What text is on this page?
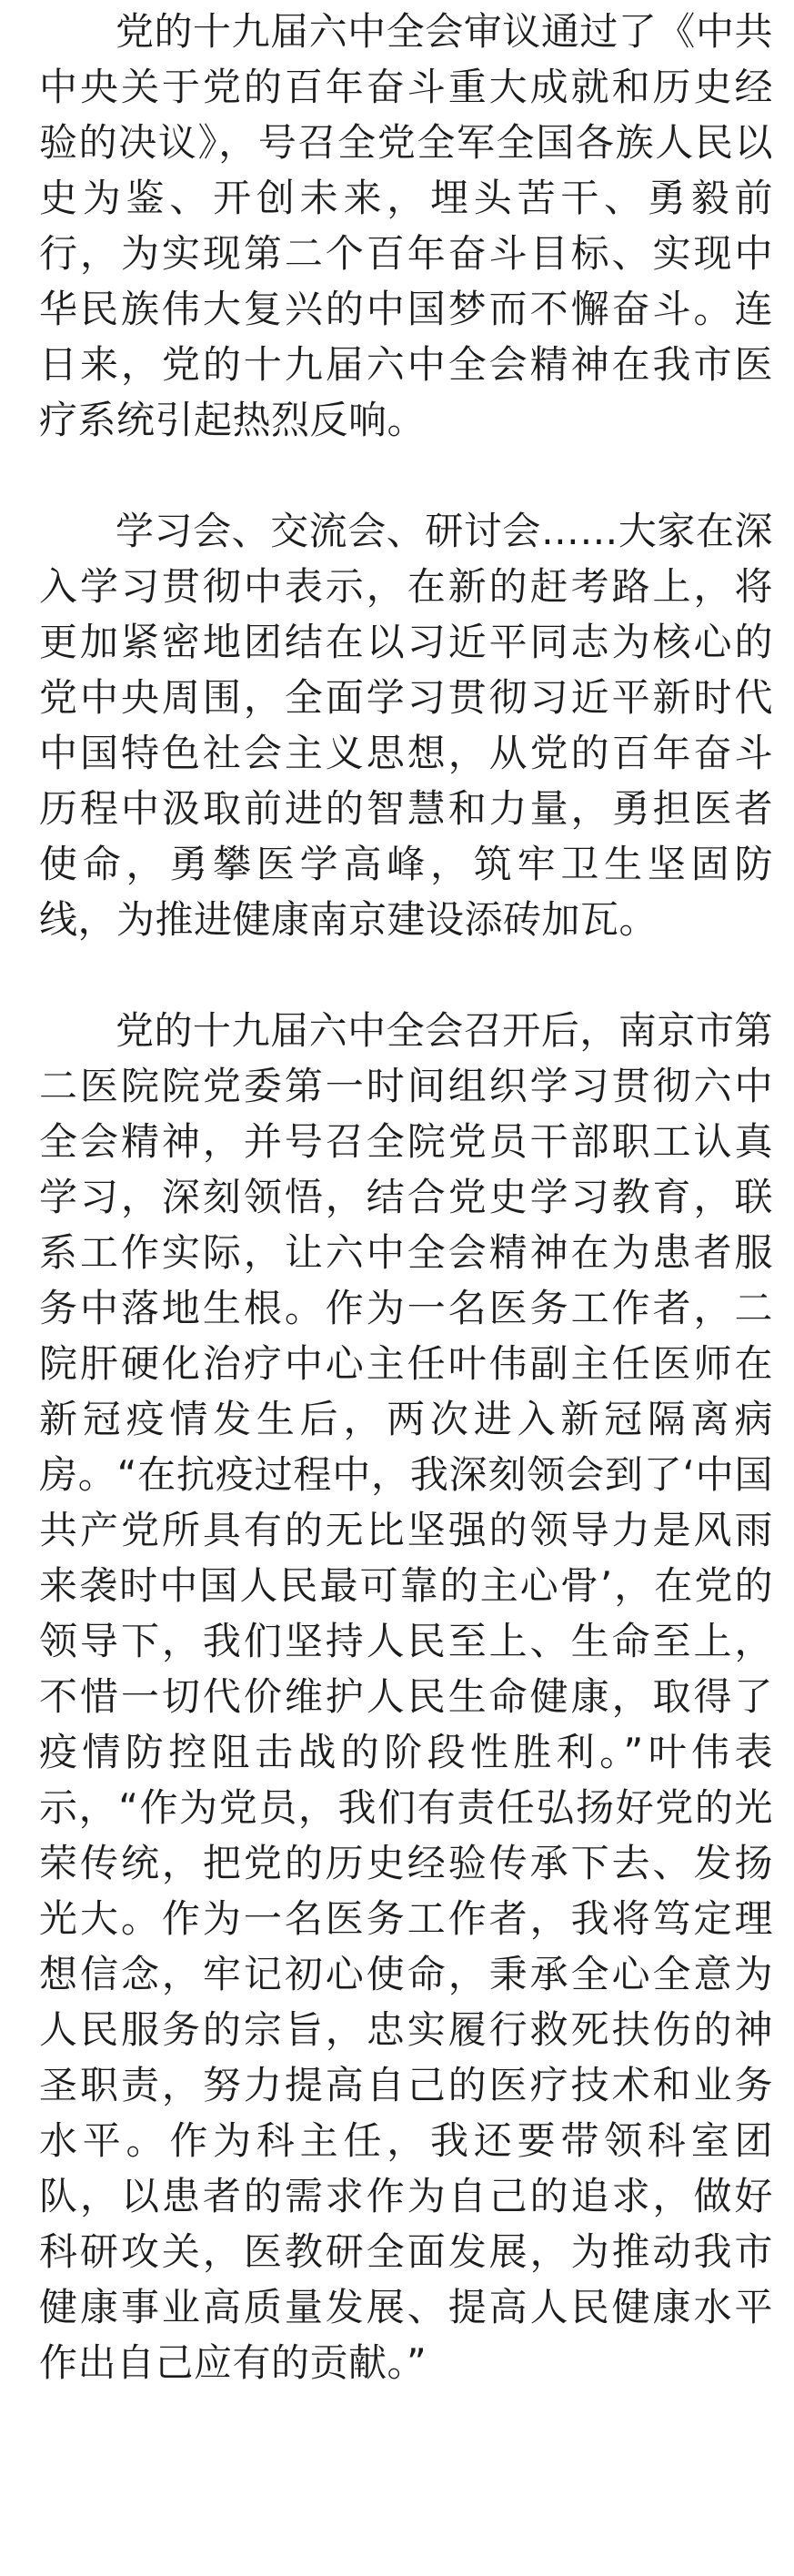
党的十九届六中全会审议通过了《中共中央关于党的百年奋斗重大成就和历史经验的决议》，号召全党全军全国各族人民以史为鉴、开创未来，埋头苦干、勇毅前行，为实现第二个百年奋斗目标、实现中华民族伟大复兴的中国梦而不懈奋斗。连日来，党的十九届六中全会精神在我市医疗系统引起热烈反响。

学习会、交流会、研讨会……大家在深入学习贯彻中表示，在新的赶考路上，将更加紧密地团结在以习近平同志为核心的党中央周围，全面学习贯彻习近平新时代中国特色社会主义思想，从党的百年奋斗历程中汲取前进的智慧和力量，勇担医者使命，勇攀医学高峰，筑牢卫生坚固防线，为推进健康南京建设添砖加瓦。

党的十九届六中全会召开后，南京市第二医院院党委第一时间组织学习贯彻六中全会精神，并号召全院党员干部职工认真学习，深刻领悟，结合党史学习教育，联系工作实际，让六中全会精神在为患者服务中落地生根。作为一名医务工作者，二院肝硬化治疗中心主任叶伟副主任医师在新冠疫情发生后，两次进入新冠隔离病房。“在抗疫过程中，我深刻领会到了‘中国共产党所具有的无比坚强的领导力是风雨来袭时中国人民最可靠的主心骨’，在党的领导下，我们坚持人民至上、生命至上，不惜一切代价维护人民生命健康，取得了疫情防控阻击战的阶段性胜利。”叶伟表示，“作为党员，我们有责任弘扬好党的光荣传统，把党的历史经验传承下去、发扬光大。作为一名医务工作者，我将笃定理想信念，牢记初心使命，秉承全心全意为人民服务的宗旨，忠实履行救死扶伤的神圣职责，努力提高自己的医疗技术和业务水平。作为科主任，我还要带领科室团队，以患者的需求作为自己的追求，做好科研攻关，医教研全面发展，为推动我市健康事业高质量发展、提高人民健康水平作出自己应有的贡献。”
